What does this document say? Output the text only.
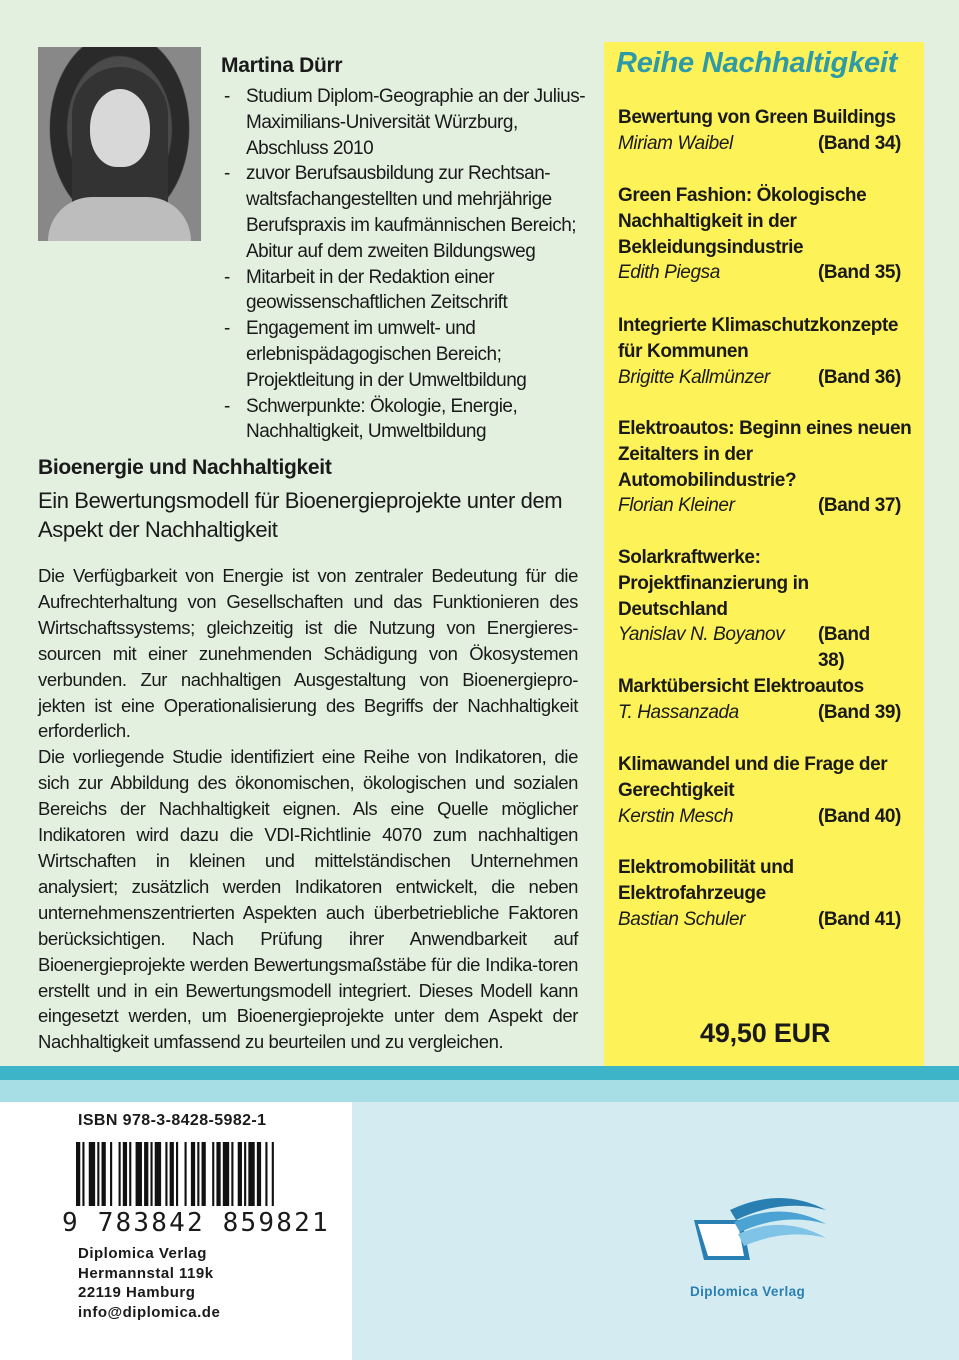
Martina Dürr
- Studium Diplom-Geographie an der Julius-Maximilians-Universität Würzburg, Abschluss 2010
- zuvor Berufsausbildung zur Rechtsan-waltsfachangestellten und mehrjährige Berufspraxis im kaufmännischen Bereich; Abitur auf dem zweiten Bildungsweg
- Mitarbeit in der Redaktion einer geowissenschaftlichen Zeitschrift
- Engagement im umwelt- und erlebnispädagogischen Bereich; Projektleitung in der Umweltbildung
- Schwerpunkte: Ökologie, Energie, Nachhaltigkeit, Umweltbildung
Bioenergie und Nachhaltigkeit
Ein Bewertungsmodell für Bioenergieprojekte unter dem Aspekt der Nachhaltigkeit

Die Verfügbarkeit von Energie ist von zentraler Bedeutung für die Aufrechterhaltung von Gesellschaften und das Funktionieren des Wirtschaftssystems; gleichzeitig ist die Nutzung von Energieres-sourcen mit einer zunehmenden Schädigung von Ökosystemen verbunden. Zur nachhaltigen Ausgestaltung von Bioenergiepro-jekten ist eine Operationalisierung des Begriffs der Nachhaltigkeit erforderlich.

Die vorliegende Studie identifiziert eine Reihe von Indikatoren, die sich zur Abbildung des ökonomischen, ökologischen und sozialen Bereichs der Nachhaltigkeit eignen. Als eine Quelle möglicher Indikatoren wird dazu die VDI-Richtlinie 4070 zum nachhaltigen Wirtschaften in kleinen und mittelständischen Unternehmen analysiert; zusätzlich werden Indikatoren entwickelt, die neben unternehmenszentrierten Aspekten auch überbetriebliche Faktoren berücksichtigen. Nach Prüfung ihrer Anwendbarkeit auf Bioenergieprojekte werden Bewertungsmaßstäbe für die Indika-toren erstellt und in ein Bewertungsmodell integriert. Dieses Modell kann eingesetzt werden, um Bioenergieprojekte unter dem Aspekt der Nachhaltigkeit umfassend zu beurteilen und zu vergleichen.

Reihe Nachhaltigkeit
Bewertung von Green Buildings
Miriam Waibel	(Band 34)
Green Fashion: Ökologische Nachhaltigkeit in der Bekleidungsindustrie
Edith Piegsa	(Band 35)
Integrierte Klimaschutzkonzepte für Kommunen
Brigitte Kallmünzer	(Band 36)
Elektroautos: Beginn eines neuen Zeitalters in der Automobilindustrie?
Florian Kleiner	(Band 37)
Solarkraftwerke: Projektfinanzierung in Deutschland
Yanislav N. Boyanov (Band 38)
Marktübersicht Elektroautos
T. Hassanzada	(Band 39)
Klimawandel und die Frage der Gerechtigkeit
Kerstin Mesch	(Band 40)
Elektromobilität und Elektrofahrzeuge
Bastian Schuler	(Band 41)
49,50 EUR
ISBN 978-3-8428-5982-1
9 783842 859821
Diplomica Verlag
Hermannstal 119k
22119 Hamburg
info@diplomica.de
Diplomica Verlag
